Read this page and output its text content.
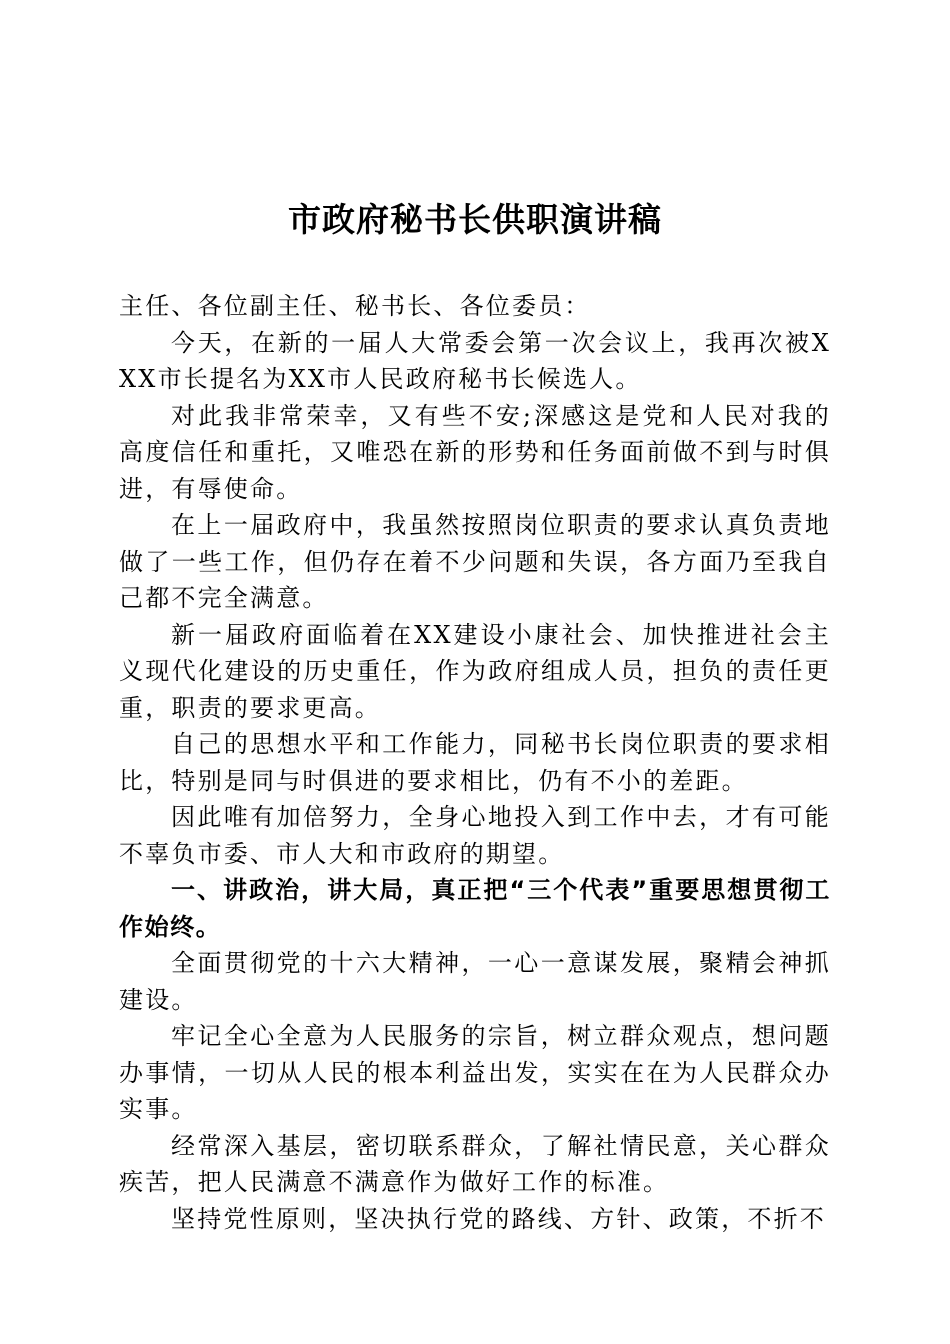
市政府秘书长供职演讲稿

主任、各位副主任、秘书长、各位委员：

今天，在新的一届人大常委会第一次会议上，我再次被XXX市长提名为XX市人民政府秘书长候选人。

对此我非常荣幸，又有些不安;深感这是党和人民对我的高度信任和重托，又唯恐在新的形势和任务面前做不到与时俱进，有辱使命。

在上一届政府中，我虽然按照岗位职责的要求认真负责地做了一些工作，但仍存在着不少问题和失误，各方面乃至我自己都不完全满意。

新一届政府面临着在XX建设小康社会、加快推进社会主义现代化建设的历史重任，作为政府组成人员，担负的责任更重，职责的要求更高。

自己的思想水平和工作能力，同秘书长岗位职责的要求相比，特别是同与时俱进的要求相比，仍有不小的差距。

因此唯有加倍努力，全身心地投入到工作中去，才有可能不辜负市委、市人大和市政府的期望。

一、讲政治，讲大局，真正把“三个代表”重要思想贯彻工作始终。

全面贯彻党的十六大精神，一心一意谋发展，聚精会神抓建设。

牢记全心全意为人民服务的宗旨，树立群众观点，想问题办事情，一切从人民的根本利益出发，实实在在为人民群众办实事。

经常深入基层，密切联系群众，了解社情民意，关心群众疾苦，把人民满意不满意作为做好工作的标准。

坚持党性原则，坚决执行党的路线、方针、政策，不折不
